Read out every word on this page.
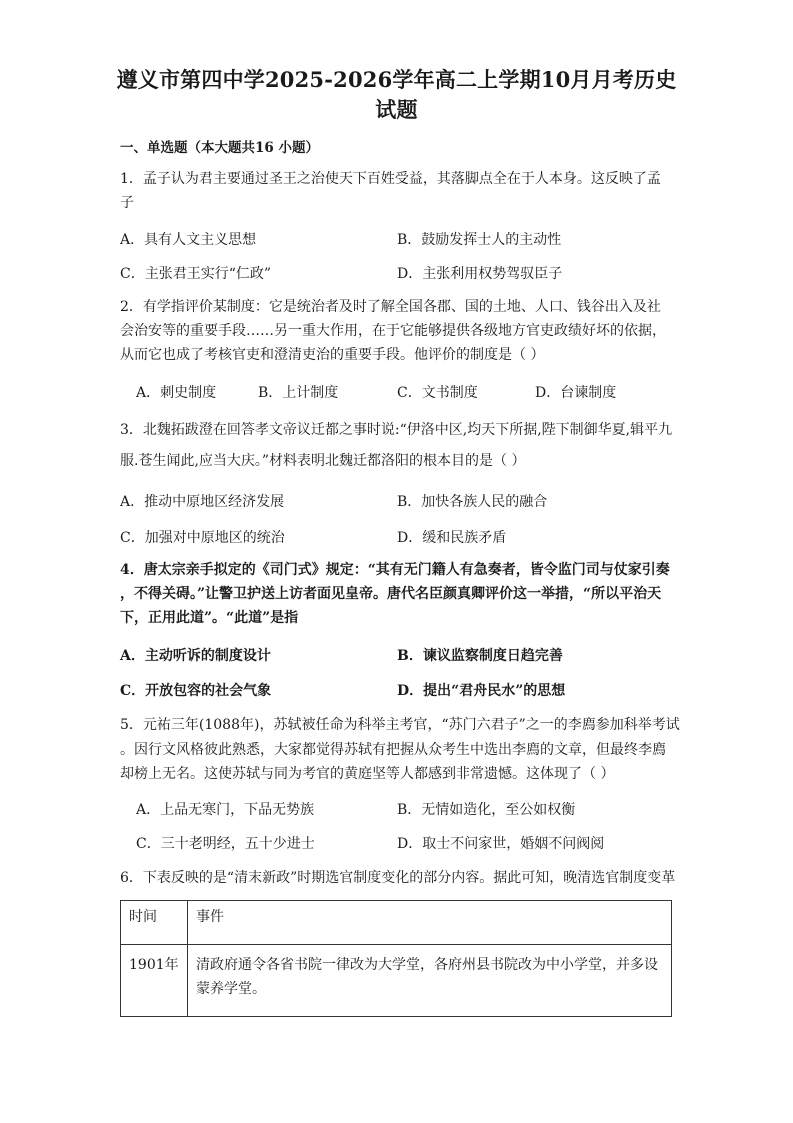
遵义市第四中学2025-2026学年高二上学期10月月考历史
试题
一、单选题（本大题共16 小题）
1．孟子认为君主要通过圣王之治使天下百姓受益，其落脚点全在于人本身。这反映了孟
子
A．具有人文主义思想	B．鼓励发挥士人的主动性
C．主张君王实行“仁政”	D．主张利用权势驾驭臣子
2．有学指评价某制度：它是统治者及时了解全国各郡、国的土地、人口、钱谷出入及社
会治安等的重要手段……另一重大作用，在于它能够提供各级地方官吏政绩好坏的依据，
从而它也成了考核官吏和澄清吏治的重要手段。他评价的制度是（ ）
A．刺史制度	B．上计制度	C．文书制度	D．台谏制度
3．北魏拓跋澄在回答孝文帝议迁都之事时说:“伊洛中区,均天下所据,陛下制御华夏,辑平九
服.苍生闻此,应当大庆。”材料表明北魏迁都洛阳的根本目的是（ ）
A．推动中原地区经济发展	B．加快各族人民的融合
C．加强对中原地区的统治	D．缓和民族矛盾
4．唐太宗亲手拟定的《司门式》规定：“其有无门籍人有急奏者，皆令监门司与仗家引奏
，不得关碍。”让警卫护送上访者面见皇帝。唐代名臣颜真卿评价这一举措，“所以平治天
下，正用此道”。“此道”是指
A．主动听诉的制度设计	B．谏议监察制度日趋完善
C．开放包容的社会气象	D．提出“君舟民水”的思想
5．元祐三年(1088年)，苏轼被任命为科举主考官，“苏门六君子”之一的李廌参加科举考试
。因行文风格彼此熟悉，大家都觉得苏轼有把握从众考生中选出李廌的文章，但最终李廌
却榜上无名。这使苏轼与同为考官的黄庭坚等人都感到非常遗憾。这体现了（ ）
A．上品无寒门，下品无势族	B．无情如造化，至公如权衡
C．三十老明经，五十少进士	D．取士不问家世，婚姻不问阀阅
6．下表反映的是“清末新政”时期选官制度变化的部分内容。据此可知，晚清选官制度变革
时间	事件
1901年	清政府通令各省书院一律改为大学堂，各府州县书院改为中小学堂，并多设蒙养学堂。
